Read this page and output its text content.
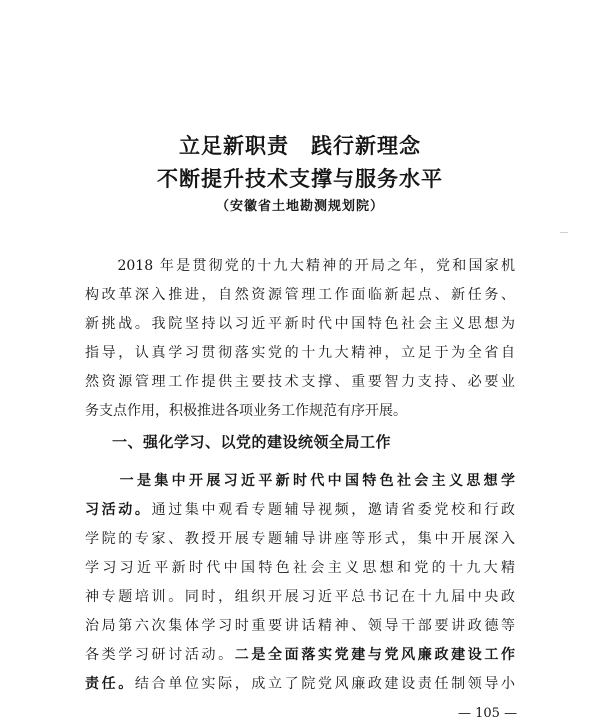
立足新职责　践行新理念
不断提升技术支撑与服务水平
（安徽省土地勘测规划院）
　　2018 年是贯彻党的十九大精神的开局之年，党和国家机
构改革深入推进，自然资源管理工作面临新起点、新任务、
新挑战。我院坚持以习近平新时代中国特色社会主义思想为
指导，认真学习贯彻落实党的十九大精神，立足于为全省自
然资源管理工作提供主要技术支撑、重要智力支持、必要业
务支点作用，积极推进各项业务工作规范有序开展。
一、强化学习、以党的建设统领全局工作
　　一是集中开展习近平新时代中国特色社会主义思想学
习活动。通过集中观看专题辅导视频，邀请省委党校和行政
学院的专家、教授开展专题辅导讲座等形式，集中开展深入
学习习近平新时代中国特色社会主义思想和党的十九大精
神专题培训。同时，组织开展习近平总书记在十九届中央政
治局第六次集体学习时重要讲话精神、领导干部要讲政德等
各类学习研讨活动。二是全面落实党建与党风廉政建设工作
责任。结合单位实际，成立了院党风廉政建设责任制领导小
— 105 —
